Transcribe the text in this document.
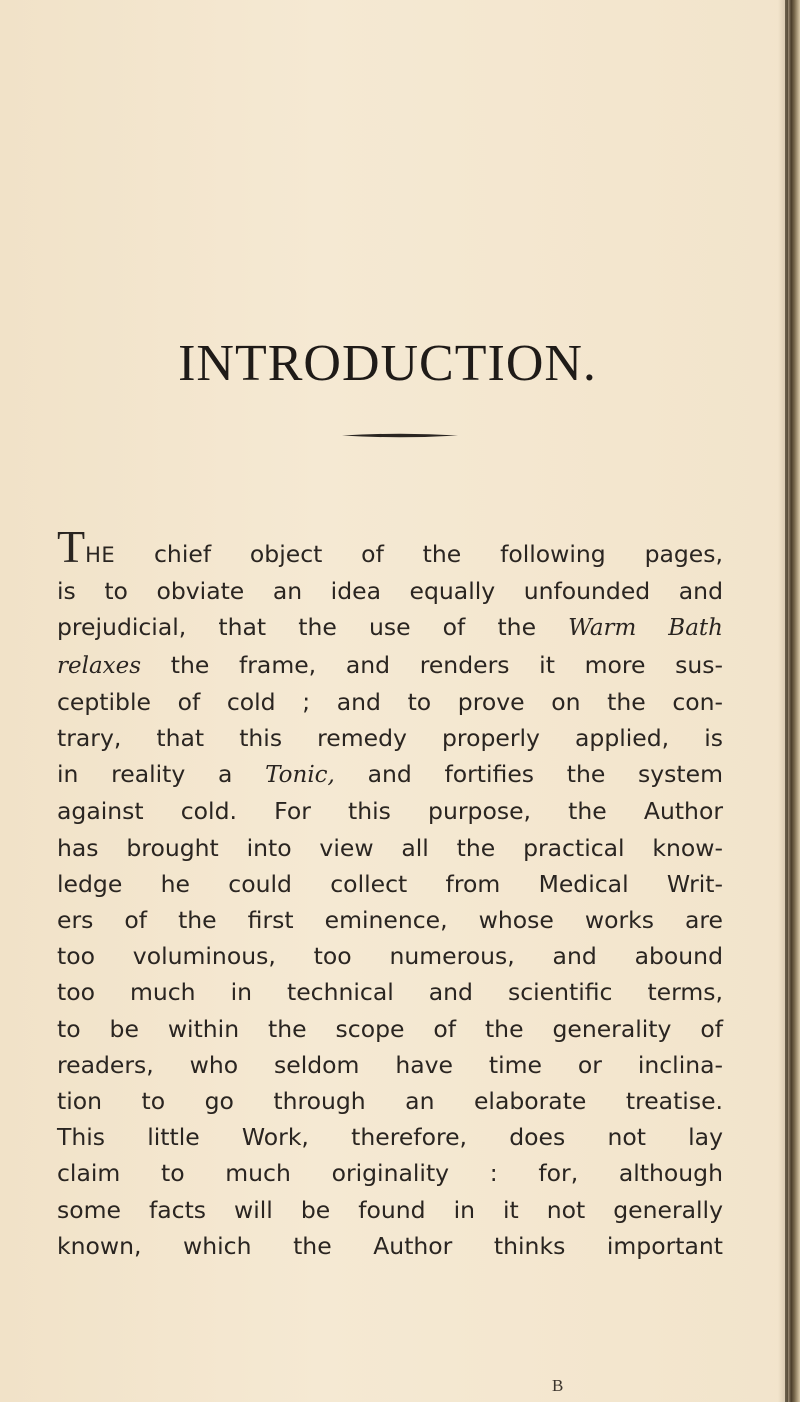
INTRODUCTION.
THE chief object of the following pages,
is to obviate an idea equally unfounded and
prejudicial, that the use of the Warm Bath
relaxes the frame, and renders it more sus-
ceptible of cold ; and to prove on the con-
trary, that this remedy properly applied, is
in reality a Tonic, and fortifies the system
against cold. For this purpose, the Author
has brought into view all the practical know-
ledge he could collect from Medical Writ-
ers of the first eminence, whose works are
too voluminous, too numerous, and abound
too much in technical and scientific terms,
to be within the scope of the generality of
readers, who seldom have time or inclina-
tion to go through an elaborate treatise.
This little Work, therefore, does not lay
claim to much originality : for, although
some facts will be found in it not generally
known, which the Author thinks important
B
